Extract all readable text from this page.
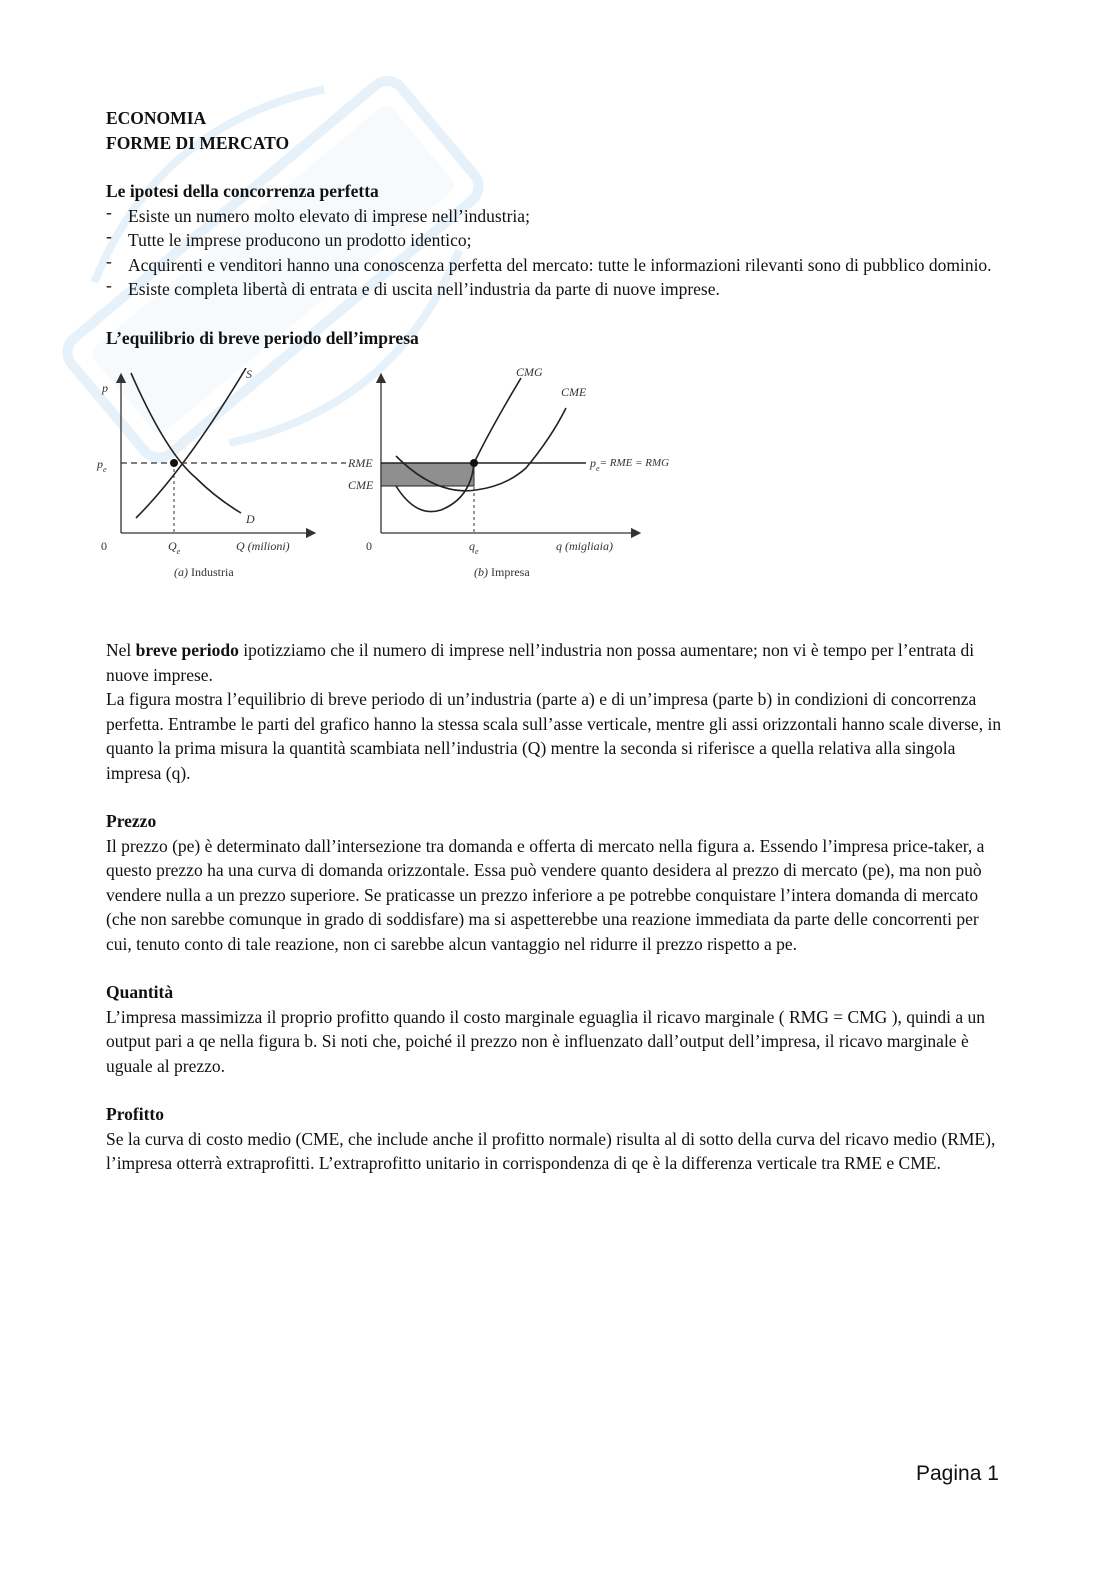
ECONOMIA
FORME DI MERCATO
Le ipotesi della concorrenza perfetta
- Esiste un numero molto elevato di imprese nell’industria;
- Tutte le imprese producono un prodotto identico;
- Acquirenti e venditori hanno una conoscenza perfetta del mercato: tutte le informazioni rilevanti sono di pubblico dominio.
- Esiste completa libertà di entrata e di uscita nell’industria da parte di nuove imprese.
L’equilibrio di breve periodo dell’impresa
p
$p_e$
S
D
0	$Q_e$	Q (milioni)
(a) Industria
CMG
CME
RME
CME
$p_e=$ RME = RMG
0	$q_e$	q (migliaia)
(b) Impresa

Nel breve periodo ipotizziamo che il numero di imprese nell’industria non possa aumentare; non vi è tempo per l’entrata di nuove imprese.

La figura mostra l’equilibrio di breve periodo di un’industria (parte a) e di un’impresa (parte b) in condizioni di concorrenza perfetta. Entrambe le parti del grafico hanno la stessa scala sull’asse verticale, mentre gli assi orizzontali hanno scale diverse, in quanto la prima misura la quantità scambiata nell’industria (Q) mentre la seconda si riferisce a quella relativa alla singola impresa (q).

Prezzo

Il prezzo (pe) è determinato dall’intersezione tra domanda e offerta di mercato nella figura a. Essendo l’impresa price-taker, a questo prezzo ha una curva di domanda orizzontale. Essa può vendere quanto desidera al prezzo di mercato (pe), ma non può vendere nulla a un prezzo superiore. Se praticasse un prezzo inferiore a pe potrebbe conquistare l’intera domanda di mercato (che non sarebbe comunque in grado di soddisfare) ma si aspetterebbe una reazione immediata da parte delle concorrenti per cui, tenuto conto di tale reazione, non ci sarebbe alcun vantaggio nel ridurre il prezzo rispetto a pe.

Quantità

L’impresa massimizza il proprio profitto quando il costo marginale eguaglia il ricavo marginale ( RMG = CMG ), quindi a un output pari a qe nella figura b. Si noti che, poiché il prezzo non è influenzato dall’output dell’impresa, il ricavo marginale è uguale al prezzo.

Profitto

Se la curva di costo medio (CME, che include anche il profitto normale) risulta al di sotto della curva del ricavo medio (RME), l’impresa otterrà extraprofitti. L’extraprofitto unitario in corrispondenza di qe è la differenza verticale tra RME e CME.

Pagina 1
